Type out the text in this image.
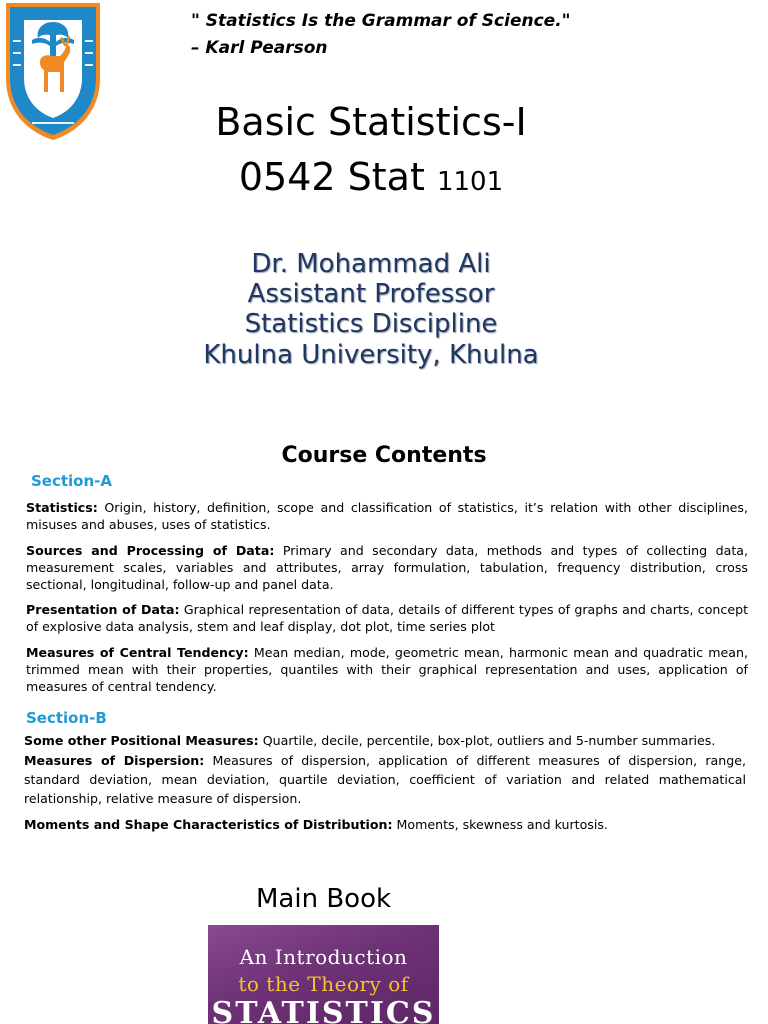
" Statistics Is the Grammar of Science."
– Karl Pearson
Basic Statistics-I
0542 Stat 1101
Dr. Mohammad Ali
Assistant Professor
Statistics Discipline
Khulna University, Khulna
Course Contents
Section-A
Statistics: Origin, history, definition, scope and classification of statistics, it’s relation with other disciplines, misuses and abuses, uses of statistics.
Sources and Processing of Data: Primary and secondary data, methods and types of collecting data, measurement scales, variables and attributes, array formulation, tabulation, frequency distribution, cross sectional, longitudinal, follow-up and panel data.
Presentation of Data: Graphical representation of data, details of different types of graphs and charts, concept of explosive data analysis, stem and leaf display, dot plot, time series plot
Measures of Central Tendency: Mean median, mode, geometric mean, harmonic mean and quadratic mean, trimmed mean with their properties, quantiles with their graphical representation and uses, application of measures of central tendency.
Section-B
Some other Positional Measures: Quartile, decile, percentile, box-plot, outliers and 5-number summaries.
Measures of Dispersion: Measures of dispersion, application of different measures of dispersion, range, standard deviation, mean deviation, quartile deviation, coefficient of variation and related mathematical relationship, relative measure of dispersion.
Moments and Shape Characteristics of Distribution: Moments, skewness and kurtosis.
Main Book
An Introduction
to the Theory of
STATISTICS
